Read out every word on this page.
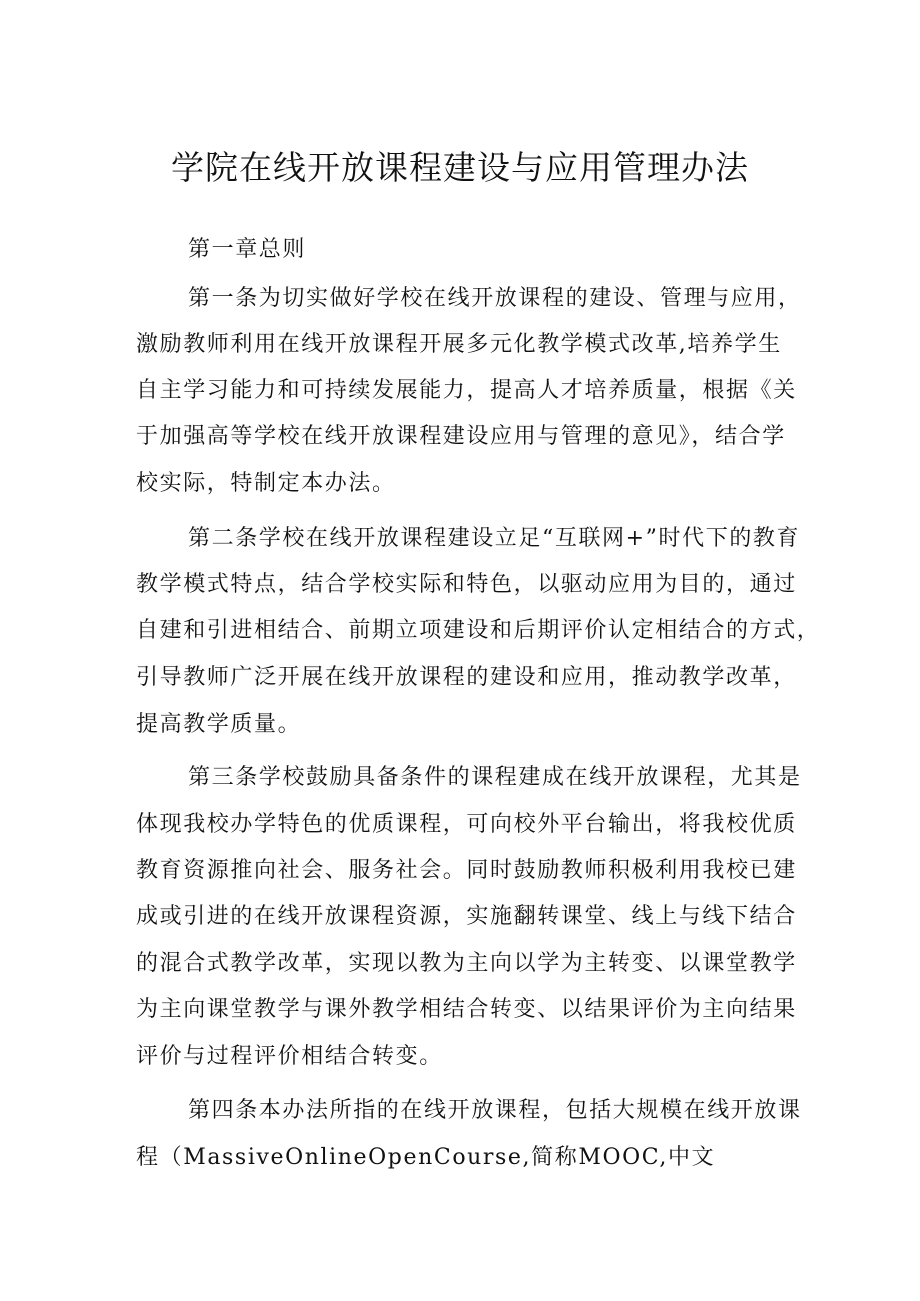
学院在线开放课程建设与应用管理办法
第一章总则
第一条为切实做好学校在线开放课程的建设、管理与应用，
激励教师利用在线开放课程开展多元化教学模式改革,培养学生
自主学习能力和可持续发展能力，提高人才培养质量，根据《关
于加强高等学校在线开放课程建设应用与管理的意见》，结合学
校实际，特制定本办法。
第二条学校在线开放课程建设立足“互联网+”时代下的教育
教学模式特点，结合学校实际和特色，以驱动应用为目的，通过
自建和引进相结合、前期立项建设和后期评价认定相结合的方式，
引导教师广泛开展在线开放课程的建设和应用，推动教学改革，
提高教学质量。
第三条学校鼓励具备条件的课程建成在线开放课程，尤其是
体现我校办学特色的优质课程，可向校外平台输出，将我校优质
教育资源推向社会、服务社会。同时鼓励教师积极利用我校已建
成或引进的在线开放课程资源，实施翻转课堂、线上与线下结合
的混合式教学改革，实现以教为主向以学为主转变、以课堂教学
为主向课堂教学与课外教学相结合转变、以结果评价为主向结果
评价与过程评价相结合转变。
第四条本办法所指的在线开放课程，包括大规模在线开放课
程（MassiveOnlineOpenCourse,简称MOOC,中文
